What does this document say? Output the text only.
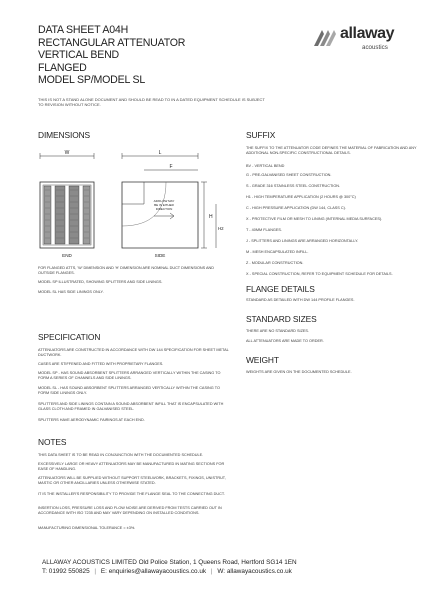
DATA SHEET A04H
RECTANGULAR ATTENUATOR
VERTICAL BEND
FLANGED
MODEL SP/MODEL SL
THIS IS NOT A STAND ALONE DOCUMENT AND SHOULD BE READ TO IN A DATED EQUIPMENT SCHEDULE IS SUBJECT TO REVISION WITHOUT NOTICE.
allaway
acoustics
DIMENSIONS
W
END
L
F
AIRFLOW MAY
BE IN EITHER
DIRECTION
H
H2
SIDE
FOR FLANGED ATTS, 'W' DIMENSION AND 'H' DIMENSION ARE NOMINAL DUCT DIMENSIONS AND OUTSIDE FLANGES.
MODEL SP ILLUSTRATED, SHOWING SPLITTERS AND SIDE LININGS.
MODEL SL HAS SIDE LININGS ONLY.
SPECIFICATION
ATTENUATORS ARE CONSTRUCTED IN ACCORDANCE WITH DW 144 SPECIFICATION FOR SHEET METAL DUCTWORK.
CASES ARE STIFFENED AND FITTED WITH PROPRIETARY FLANGES.
MODEL SP - HAS SOUND ABSORBENT SPLITTERS ARRANGED VERTICALLY WITHIN THE CASING TO FORM A SERIES OF CHANNELS AND SIDE LININGS.
MODEL SL - HAS SOUND ABSORBENT SPLITTERS ARRANGED VERTICALLY WITHIN THE CASING TO FORM SIDE LININGS ONLY.
SPLITTERS AND SIDE LININGS CONTAIN A SOUND ABSORBENT INFILL THAT IS ENCAPSULATED WITH GLASS CLOTH AND FRAMED IN GALVANISED STEEL.
SPLITTERS HAVE AERODYNAMIC FAIRINGS AT EACH END.
NOTES
THIS DATA SHEET IS TO BE READ IN CONJUNCTION WITH THE DOCUMENTED SCHEDULE.
EXCESSIVELY LARGE OR HEAVY ATTENUATORS MAY BE MANUFACTURED IN MATING SECTIONS FOR EASE OF HANDLING.
ATTENUATORS WILL BE SUPPLIED WITHOUT SUPPORT STEELWORK, BRACKETS, FIXINGS, UNISTRUT, MASTIC OR OTHER ANCILLARIES UNLESS OTHERWISE STATED.
IT IS THE INSTALLER'S RESPONSIBILITY TO PROVIDE THE FLANGE SEAL TO THE CONNECTING DUCT.
INSERTION LOSS, PRESSURE LOSS AND FLOW NOISE ARE DERIVED FROM TESTS CARRIED OUT IN ACCORDANCE WITH ISO 7235 AND MAY VARY DEPENDING ON INSTALLED CONDITIONS.
MANUFACTURING DIMENSIONAL TOLERANCE = ±3%.
SUFFIX
THE SUFFIX TO THE ATTENUATOR CODE DEFINES THE MATERIAL OF FABRICATION AND ANY ADDITIONAL NON-SPECIFIC CONSTRUCTIONAL DETAILS.
BV - VERTICAL BEND
G - PRE-GALVANISED SHEET CONSTRUCTION.
S - GRADE 316 STAINLESS STEEL CONSTRUCTION.
H1 - HIGH TEMPERATURE APPLICATION (2 HOURS @ 300°C)
C - HIGH PRESSURE APPLICATION (DW 144, CLASS C).
X - PROTECTIVE FILM OR MESH TO LINING (INTERNAL MEDIA SURFACES).
T - 40MM FLANGES.
J - SPLITTERS AND LININGS ARE ARRANGED HORIZONTALLY.
M - MESH ENCAPSULATED INFILL.
Z - MODULAR CONSTRUCTION.
X - SPECIAL CONSTRUCTION, REFER TO EQUIPMENT SCHEDULE FOR DETAILS.
FLANGE DETAILS
STANDARD AS DETAILED WITH DW 144 PROFILE FLANGES.
STANDARD SIZES
THERE ARE NO STANDARD SIZES.
ALL ATTENUATORS ARE MADE TO ORDER.
WEIGHT
WEIGHTS ARE GIVEN ON THE DOCUMENTED SCHEDULE.
ALLAWAY ACOUSTICS LIMITED Old Police Station, 1 Queens Road, Hertford SG14 1EN
T: 01992 550825 | E: enquiries@allawayacoustics.co.uk | W: allawayacoustics.co.uk
